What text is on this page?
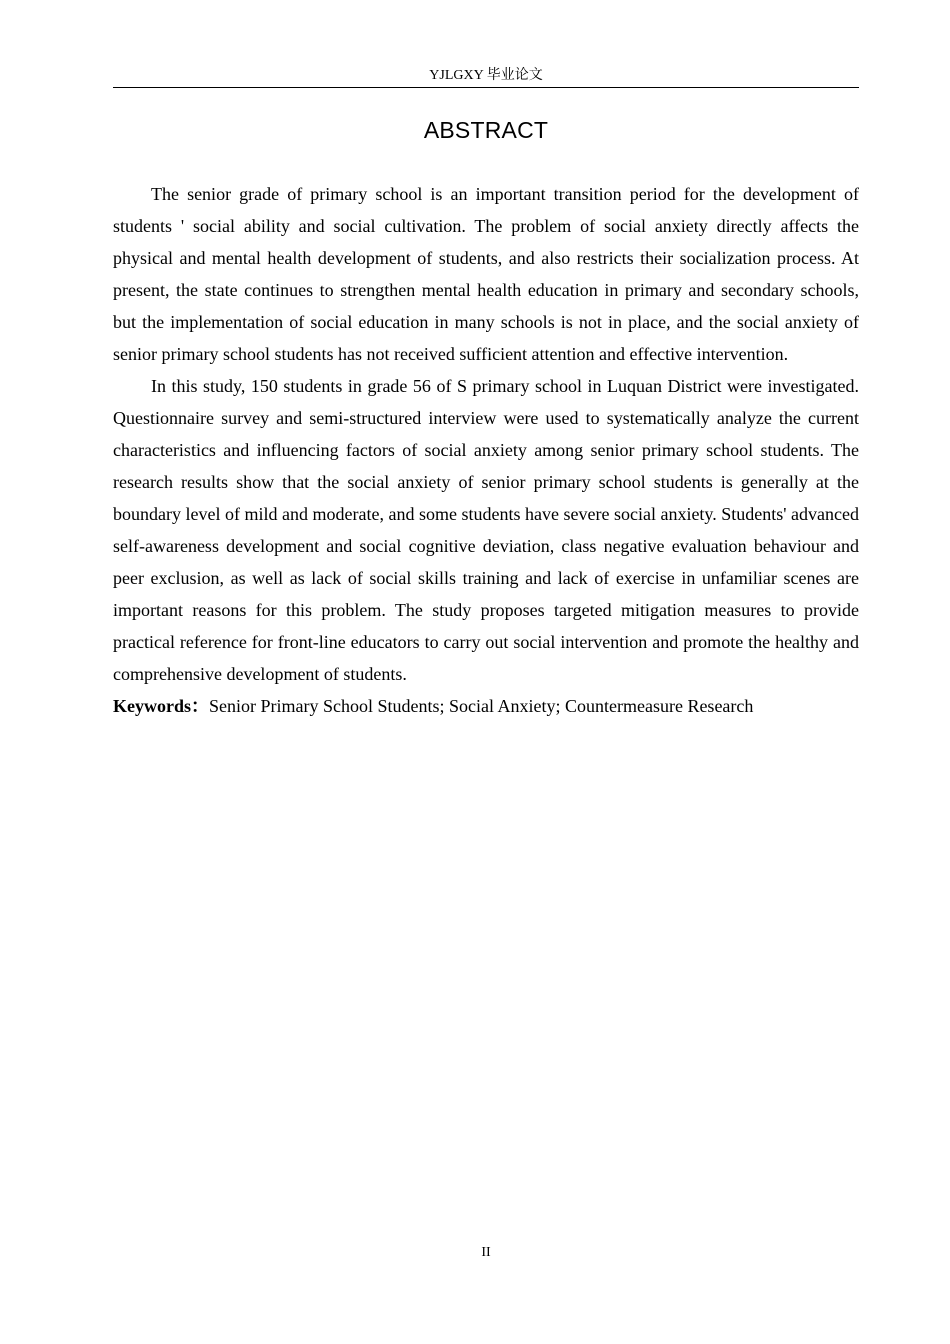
YJLGXY 毕业论文
ABSTRACT

The senior grade of primary school is an important transition period for the development of students ' social ability and social cultivation. The problem of social anxiety directly affects the physical and mental health development of students, and also restricts their socialization process. At present, the state continues to strengthen mental health education in primary and secondary schools, but the implementation of social education in many schools is not in place, and the social anxiety of senior primary school students has not received sufficient attention and effective intervention.

In this study, 150 students in grade 56 of S primary school in Luquan District were investigated. Questionnaire survey and semi-structured interview were used to systematically analyze the current characteristics and influencing factors of social anxiety among senior primary school students. The research results show that the social anxiety of senior primary school students is generally at the boundary level of mild and moderate, and some students have severe social anxiety. Students' advanced self-awareness development and social cognitive deviation, class negative evaluation behaviour and peer exclusion, as well as lack of social skills training and lack of exercise in unfamiliar scenes are important reasons for this problem. The study proposes targeted mitigation measures to provide practical reference for front-line educators to carry out social intervention and promote the healthy and comprehensive development of students.

Keywords：Senior Primary School Students; Social Anxiety; Countermeasure Research

II
